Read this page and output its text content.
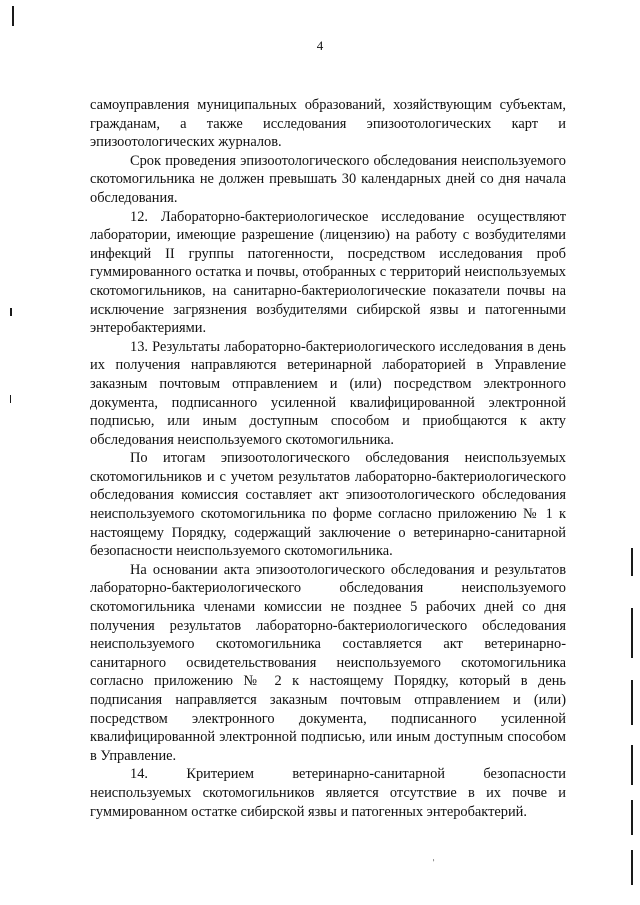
4

самоуправления муниципальных образований, хозяйствующим субъектам, гражданам, а также исследования эпизоотологических карт и эпизоотологических журналов.

Срок проведения эпизоотологического обследования неиспользуемого скотомогильника не должен превышать 30 календарных дней со дня начала обследования.

12. Лабораторно-бактериологическое исследование осуществляют лаборатории, имеющие разрешение (лицензию) на работу с возбудителями инфекций II группы патогенности, посредством исследования проб гуммированного остатка и почвы, отобранных с территорий неиспользуемых скотомогильников, на санитарно-бактериологические показатели почвы на исключение загрязнения возбудителями сибирской язвы и патогенными энтеробактериями.

13. Результаты лабораторно-бактериологического исследования в день их получения направляются ветеринарной лабораторией в Управление заказным почтовым отправлением и (или) посредством электронного документа, подписанного усиленной квалифицированной электронной подписью, или иным доступным способом и приобщаются к акту обследования неиспользуемого скотомогильника.

По итогам эпизоотологического обследования неиспользуемых скотомогильников и с учетом результатов лабораторно-бактериологического обследования комиссия составляет акт эпизоотологического обследования неиспользуемого скотомогильника по форме согласно приложению № 1 к настоящему Порядку, содержащий заключение о ветеринарно-санитарной безопасности неиспользуемого скотомогильника.

На основании акта эпизоотологического обследования и результатов лабораторно-бактериологического обследования неиспользуемого скотомогильника членами комиссии не позднее 5 рабочих дней со дня получения результатов лабораторно-бактериологического обследования неиспользуемого скотомогильника составляется акт ветеринарно-санитарного освидетельствования неиспользуемого скотомогильника согласно приложению № 2 к настоящему Порядку, который в день подписания направляется заказным почтовым отправлением и (или) посредством электронного документа, подписанного усиленной квалифицированной электронной подписью, или иным доступным способом в Управление.

14. Критерием ветеринарно-санитарной безопасности неиспользуемых скотомогильников является отсутствие в их почве и гуммированном остатке сибирской язвы и патогенных энтеробактерий.

⸒
